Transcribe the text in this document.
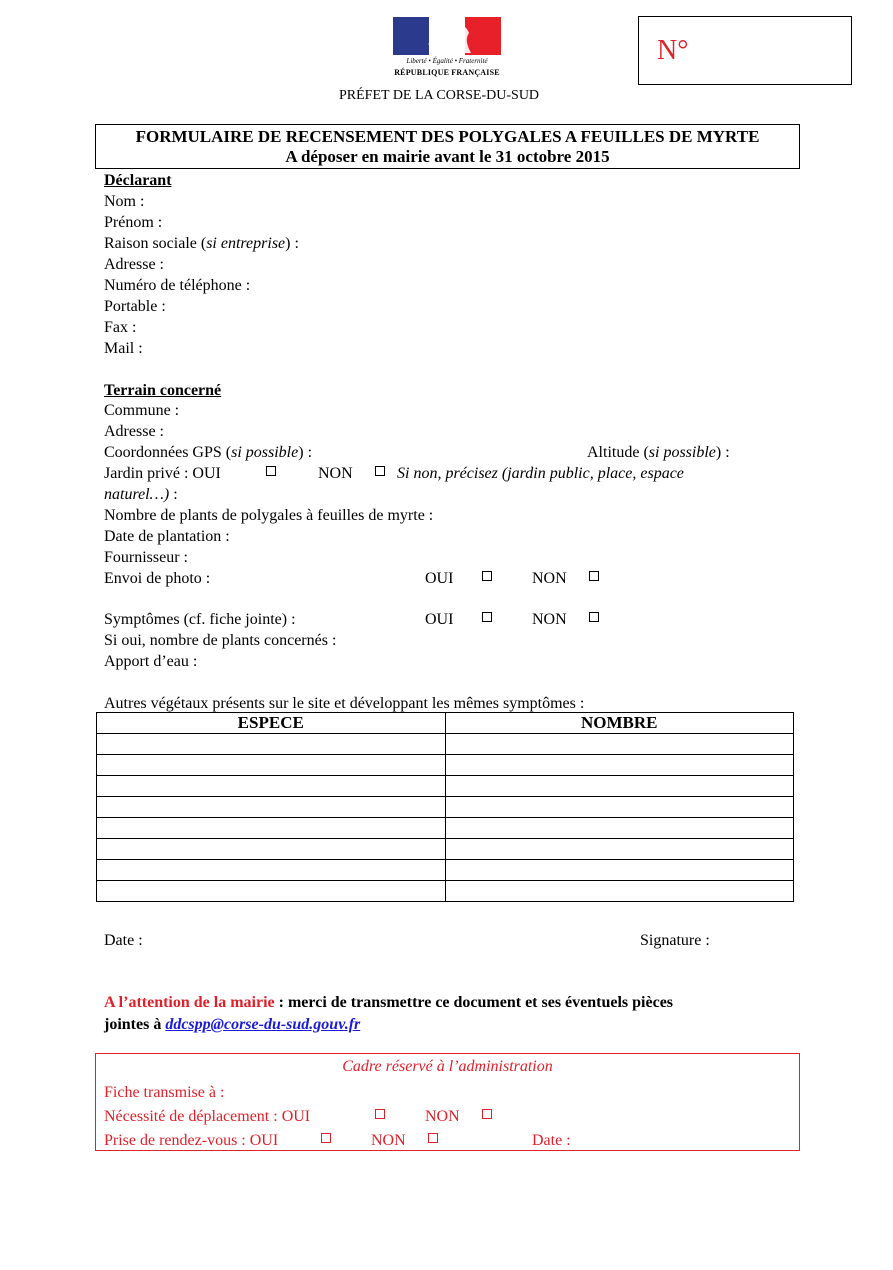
Liberté • Égalité • Fraternité
RÉPUBLIQUE FRANÇAISE
PRÉFET DE LA CORSE-DU-SUD
N°
FORMULAIRE DE RECENSEMENT DES POLYGALES A FEUILLES DE MYRTE
A déposer en mairie avant le 31 octobre 2015
Déclarant
Nom :
Prénom :
Raison sociale (si entreprise) :
Adresse :
Numéro de téléphone :
Portable :
Fax :
Mail :
Terrain concerné
Commune :
Adresse :
Coordonnées GPS (si possible) :	Altitude (si possible) :
Jardin privé : OUI	NON	Si non, précisez (jardin public, place, espace
naturel…) :
Nombre de plants de polygales à feuilles de myrte :
Date de plantation :
Fournisseur :
Envoi de photo :	OUI	NON
Symptômes (cf. fiche jointe) :	OUI	NON
Si oui, nombre de plants concernés :
Apport d’eau :
Autres végétaux présents sur le site et développant les mêmes symptômes :
ESPECE	NOMBRE

Date :	Signature :
A l’attention de la mairie : merci de transmettre ce document et ses éventuels pièces
jointes à ddcspp@corse-du-sud.gouv.fr
Cadre réservé à l’administration
Fiche transmise à :
Nécessité de déplacement : OUI	NON
Prise de rendez-vous : OUI	NON	Date :
